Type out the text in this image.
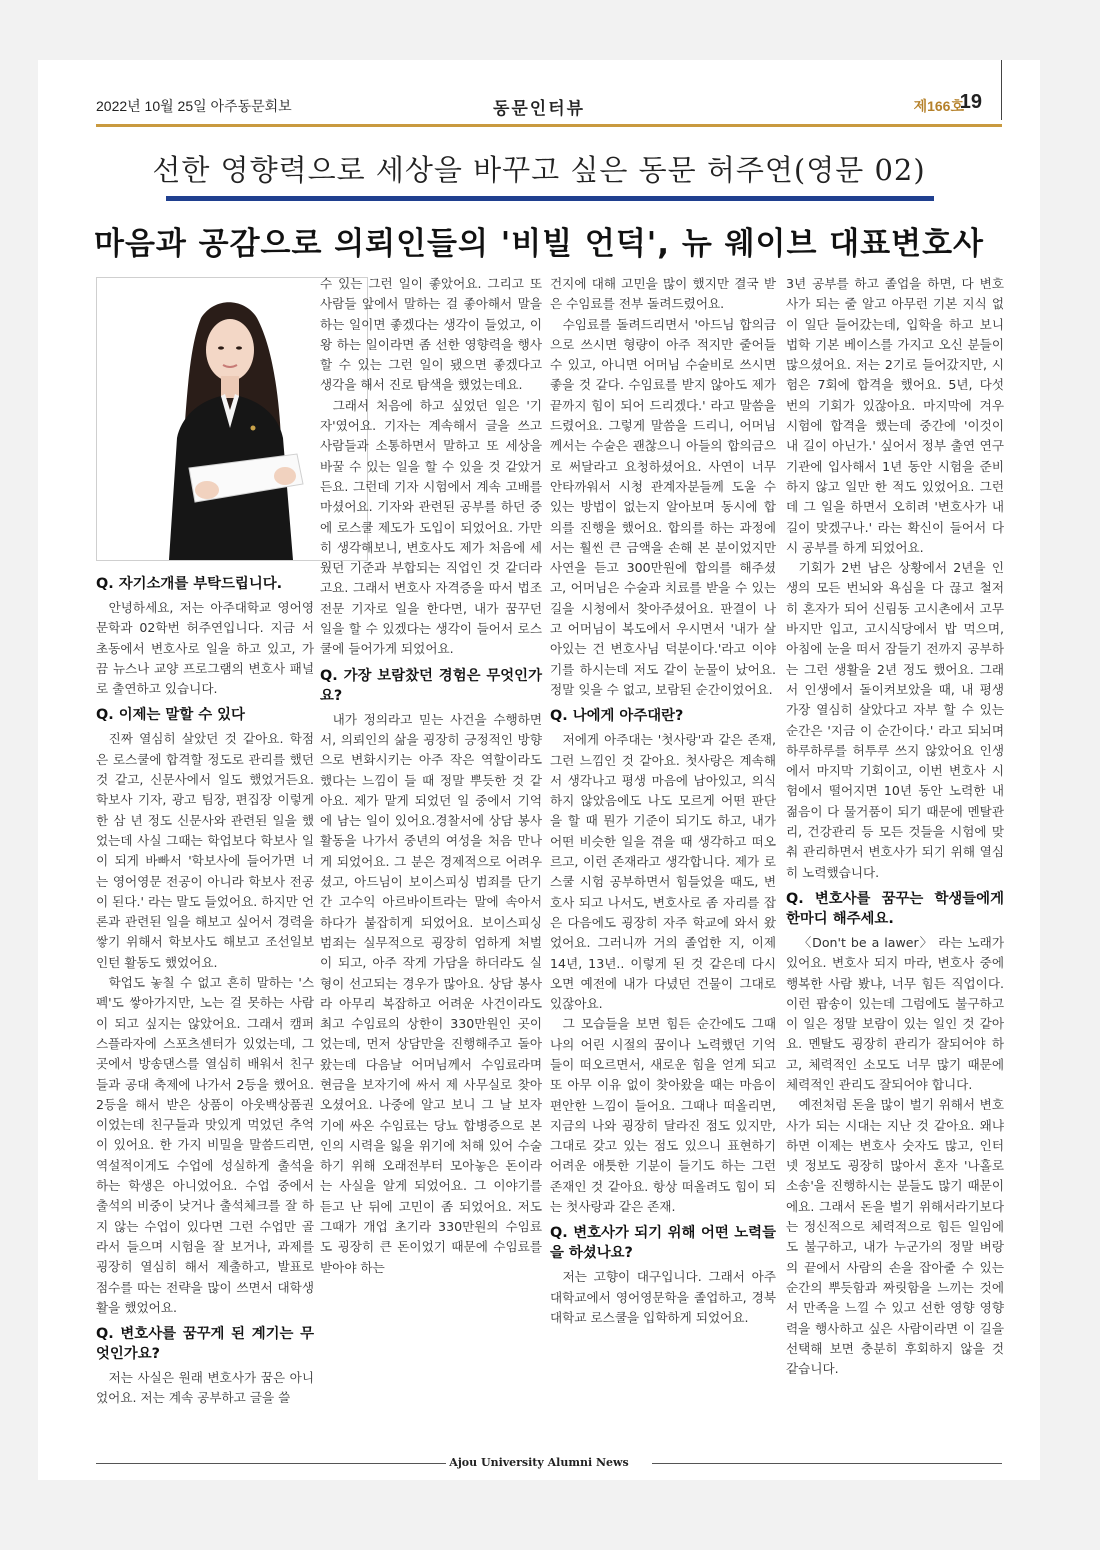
2022년 10월 25일 아주동문회보	동문인터뷰	제166호
19
선한 영향력으로 세상을 바꾸고 싶은 동문 허주연(영문 02)
마음과 공감으로 의뢰인들의 '비빌 언덕', 뉴 웨이브 대표변호사
Q. 자기소개를 부탁드립니다.

안녕하세요, 저는 아주대학교 영어영문학과 02학번 허주연입니다. 지금 서초동에서 변호사로 일을 하고 있고, 가끔 뉴스나 교양 프로그램의 변호사 패널로 출연하고 있습니다.

Q. 이제는 말할 수 있다

진짜 열심히 살았던 것 같아요. 학점은 로스쿨에 합격할 정도로 관리를 했던 것 같고, 신문사에서 일도 했었거든요. 학보사 기자, 광고 팀장, 편집장 이렇게 한 삼 년 정도 신문사와 관련된 일을 했었는데 사실 그때는 학업보다 학보사 일이 되게 바빠서 '학보사에 들어가면 너는 영어영문 전공이 아니라 학보사 전공이 된다.' 라는 말도 들었어요. 하지만 언론과 관련된 일을 해보고 싶어서 경력을 쌓기 위해서 학보사도 해보고 조선일보 인턴 활동도 했었어요.

학업도 놓칠 수 없고 흔히 말하는 '스펙'도 쌓아가지만, 노는 걸 못하는 사람이 되고 싶지는 않았어요. 그래서 캠퍼스플라자에 스포츠센터가 있었는데, 그곳에서 방송댄스를 열심히 배워서 친구들과 공대 축제에 나가서 2등을 했어요. 2등을 해서 받은 상품이 아웃백상품권이었는데 친구들과 맛있게 먹었던 추억이 있어요. 한 가지 비밀을 말씀드리면, 역설적이게도 수업에 성실하게 출석을 하는 학생은 아니었어요. 수업 중에서 출석의 비중이 낮거나 출석체크를 잘 하지 않는 수업이 있다면 그런 수업만 골라서 들으며 시험을 잘 보거나, 과제를 굉장히 열심히 해서 제출하고, 발표로 점수를 따는 전략을 많이 쓰면서 대학생활을 했었어요.

Q. 변호사를 꿈꾸게 된 계기는 무엇인가요?

저는 사실은 원래 변호사가 꿈은 아니었어요. 저는 계속 공부하고 글을 쓸

수 있는 그런 일이 좋았어요. 그리고 또 사람들 앞에서 말하는 걸 좋아해서 말을 하는 일이면 좋겠다는 생각이 들었고, 이왕 하는 일이라면 좀 선한 영향력을 행사할 수 있는 그런 일이 됐으면 좋겠다고 생각을 해서 진로 탐색을 했었는데요.

그래서 처음에 하고 싶었던 일은 '기자'였어요. 기자는 계속해서 글을 쓰고 사람들과 소통하면서 말하고 또 세상을 바꿀 수 있는 일을 할 수 있을 것 같았거든요. 그런데 기자 시험에서 계속 고배를 마셨어요. 기자와 관련된 공부를 하던 중에 로스쿨 제도가 도입이 되었어요. 가만히 생각해보니, 변호사도 제가 처음에 세웠던 기준과 부합되는 직업인 것 같더라고요. 그래서 변호사 자격증을 따서 법조 전문 기자로 일을 한다면, 내가 꿈꾸던 일을 할 수 있겠다는 생각이 들어서 로스쿨에 들어가게 되었어요.

Q. 가장 보람찼던 경험은 무엇인가요?

내가 정의라고 믿는 사건을 수행하면서, 의뢰인의 삶을 굉장히 긍정적인 방향으로 변화시키는 아주 작은 역할이라도 했다는 느낌이 들 때 정말 뿌듯한 것 같아요. 제가 맡게 되었던 일 중에서 기억에 남는 일이 있어요.경찰서에 상담 봉사활동을 나가서 중년의 여성을 처음 만나게 되었어요. 그 분은 경제적으로 어려우셨고, 아드님이 보이스피싱 범죄를 단기간 고수익 아르바이트라는 말에 속아서 하다가 붙잡히게 되었어요. 보이스피싱 범죄는 실무적으로 굉장히 엄하게 처벌이 되고, 아주 작게 가담을 하더라도 실형이 선고되는 경우가 많아요. 상담 봉사라 아무리 복잡하고 어려운 사건이라도 최고 수임료의 상한이 330만원인 곳이었는데, 먼저 상담만을 진행해주고 돌아왔는데 다음날 어머님께서 수임료라며 현금을 보자기에 싸서 제 사무실로 찾아오셨어요. 나중에 알고 보니 그 날 보자기에 싸온 수임료는 당뇨 합병증으로 본인의 시력을 잃을 위기에 처해 있어 수술하기 위해 오래전부터 모아놓은 돈이라는 사실을 알게 되었어요. 그 이야기를 듣고 난 뒤에 고민이 좀 되었어요. 저도 그때가 개업 초기라 330만원의 수임료도 굉장히 큰 돈이었기 때문에 수임료를 받아야 하는

건지에 대해 고민을 많이 했지만 결국 받은 수임료를 전부 돌려드렸어요.

수임료를 돌려드리면서 '아드님 합의금으로 쓰시면 형량이 아주 적지만 줄어들 수 있고, 아니면 어머님 수술비로 쓰시면 좋을 것 같다. 수임료를 받지 않아도 제가 끝까지 힘이 되어 드리겠다.' 라고 말씀을 드렸어요. 그렇게 말씀을 드리니, 어머님께서는 수술은 괜찮으니 아들의 합의금으로 써달라고 요청하셨어요. 사연이 너무 안타까워서 시청 관계자분들께 도울 수 있는 방법이 없는지 알아보며 동시에 합의를 진행을 했어요. 합의를 하는 과정에서는 훨씬 큰 금액을 손해 본 분이었지만 사연을 듣고 300만원에 합의를 해주셨고, 어머님은 수술과 치료를 받을 수 있는 길을 시청에서 찾아주셨어요. 판결이 나고 어머님이 복도에서 우시면서 '내가 살아있는 건 변호사님 덕분이다.'라고 이야기를 하시는데 저도 같이 눈물이 났어요. 정말 잊을 수 없고, 보람된 순간이었어요.

Q. 나에게 아주대란?

저에게 아주대는 '첫사랑'과 같은 존재, 그런 느낌인 것 같아요. 첫사랑은 계속해서 생각나고 평생 마음에 남아있고, 의식하지 않았음에도 나도 모르게 어떤 판단을 할 때 뭔가 기준이 되기도 하고, 내가 어떤 비슷한 일을 겪을 때 생각하고 떠오르고, 이런 존재라고 생각합니다. 제가 로스쿨 시험 공부하면서 힘들었을 때도, 변호사 되고 나서도, 변호사로 좀 자리를 잡은 다음에도 굉장히 자주 학교에 와서 왔었어요. 그러니까 거의 졸업한 지, 이제 14년, 13년.. 이렇게 된 것 같은데 다시 오면 예전에 내가 다녔던 건물이 그대로 있잖아요.

그 모습들을 보면 힘든 순간에도 그때 나의 어린 시절의 꿈이나 노력했던 기억들이 떠오르면서, 새로운 힘을 얻게 되고 또 아무 이유 없이 찾아왔을 때는 마음이 편안한 느낌이 들어요. 그때나 떠올리면, 지금의 나와 굉장히 달라진 점도 있지만, 그대로 갖고 있는 점도 있으니 표현하기 어려운 애틋한 기분이 들기도 하는 그런 존재인 것 같아요. 항상 떠올려도 힘이 되는 첫사랑과 같은 존재.

Q. 변호사가 되기 위해 어떤 노력들을 하셨나요?

저는 고향이 대구입니다. 그래서 아주대학교에서 영어영문학을 졸업하고, 경북대학교 로스쿨을 입학하게 되었어요.

3년 공부를 하고 졸업을 하면, 다 변호사가 되는 줄 알고 아무런 기본 지식 없이 일단 들어갔는데, 입학을 하고 보니 법학 기본 베이스를 가지고 오신 분들이 많으셨어요. 저는 2기로 들어갔지만, 시험은 7회에 합격을 했어요. 5년, 다섯 번의 기회가 있잖아요. 마지막에 겨우 시험에 합격을 했는데 중간에 '이것이 내 길이 아닌가.' 싶어서 정부 출연 연구기관에 입사해서 1년 동안 시험을 준비하지 않고 일만 한 적도 있었어요. 그런데 그 일을 하면서 오히려 '변호사가 내 길이 맞겠구나.' 라는 확신이 들어서 다시 공부를 하게 되었어요.

기회가 2번 남은 상황에서 2년을 인생의 모든 번뇌와 욕심을 다 끊고 철저히 혼자가 되어 신림동 고시촌에서 고무 바지만 입고, 고시식당에서 밥 먹으며, 아침에 눈을 떠서 잠들기 전까지 공부하는 그런 생활을 2년 정도 했어요. 그래서 인생에서 돌이켜보았을 때, 내 평생 가장 열심히 살았다고 자부 할 수 있는 순간은 '지금 이 순간이다.' 라고 되뇌며 하루하루를 허투루 쓰지 않았어요 인생에서 마지막 기회이고, 이번 변호사 시험에서 떨어지면 10년 동안 노력한 내 젊음이 다 물거품이 되기 때문에 멘탈관리, 건강관리 등 모든 것들을 시험에 맞춰 관리하면서 변호사가 되기 위해 열심히 노력했습니다.

Q. 변호사를 꿈꾸는 학생들에게 한마디 해주세요.

〈Don't be a lawer〉 라는 노래가 있어요. 변호사 되지 마라, 변호사 중에 행복한 사람 봤냐, 너무 힘든 직업이다. 이런 팝송이 있는데 그럼에도 불구하고 이 일은 정말 보람이 있는 일인 것 같아요. 멘탈도 굉장히 관리가 잘되어야 하고, 체력적인 소모도 너무 많기 때문에 체력적인 관리도 잘되어야 합니다.

예전처럼 돈을 많이 벌기 위해서 변호사가 되는 시대는 지난 것 같아요. 왜냐하면 이제는 변호사 숫자도 많고, 인터넷 정보도 굉장히 많아서 혼자 '나홀로 소송'을 진행하시는 분들도 많기 때문이에요. 그래서 돈을 벌기 위해서라기보다는 정신적으로 체력적으로 힘든 일임에도 불구하고, 내가 누군가의 정말 벼랑의 끝에서 사람의 손을 잡아줄 수 있는 순간의 뿌듯함과 짜릿함을 느끼는 것에서 만족을 느낄 수 있고 선한 영향 영향력을 행사하고 싶은 사람이라면 이 길을 선택해 보면 충분히 후회하지 않을 것 같습니다.

Ajou University Alumni News
